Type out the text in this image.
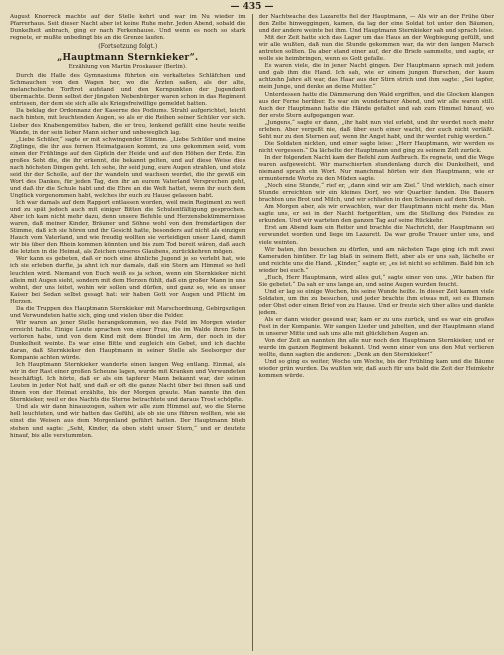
— 435 —

August Knorreck machte auf der Stelle kehrt und war im Nu wieder im Pfarrerhaus. Seit dieser Nacht aber ist keine Ruhe mehr. Jeden Abend, sobald die Dunkelheit anbrach, ging er nach Ferkenhause. Und wenn es noch so stark regnete, er mußte unbedingt bis an die Grenze laufen.

(Fortsetzung folgt.)
„Hauptmann Sternkieker“.
Erzählung von Martin Proskauer (Berlin).

Durch die Halle des Gymnasiums führten ein verkaltetes Schläfchen und Schmauchen von den Wagen her, wo die Ärzten saßen, als der alte, melancholische Torftrot aufstand und den Kernpunkten der Jugendzeit übermachte. Denn selbst der jüngsten Nebenbürger waren schon in das Regiment entrissen, der dem sie sich alle als Kriegsfreiwillige gemeldet hatten.

Da beklag der Ordonnanz der Kaserne des Podiums. Strahl aufgerichtet, leicht nach hinten, mit leuchtenden Augen, so als er die Reihen seiner Schüler vor sich. Lieber des Knabengemütes haben, die er treu, lenkend gefällt eine heute weiße Wande, in der sein lieber Mann sicher und unbeweglich lag.

„Liebe Schüler,“ sagte er mit schwingender Stimme. „Liebe Schüler und meine Zöglinge, die ihr aus fernen Heimatgauen kommt, zu uns gekommen seid, vom einen der Frühlinge auf den Gipfeln der Heide und auf den Höhen der Erde. Ein großes Seht die, die ihr erkennt, die bekannt gelten, und auf diese Weise dies nach höchsten Dingen geht. Ich sehe, ihr seid jung, eure Augen strahlen, und stolz seid ihr der Scholle, auf der ihr wandeln und wachsen werdet, die ihr gewiß ein Wort des Dankes, für jeden Tag, den ihr an eurem Vaterland Versprechen geht, und daß ihr die Schule habt und die Ehre an die Welt hattet, wenn ihr euch dem Unglück vorgenommen habt, welches ihr euch zu Hause gelassen habt.

Ich war damals auf dem Rapport entlassen worden, weil mein Regiment zu weit und zu spät jedoch auch mit einiger Bitten die Schulentfältigung gesprochen. Aber ich kam nicht mehr dazu, denn unsere Befehle und Herzensbekümmernisse waren, daß meiner Kinder, Bräuner und Söhne wohl von den fremdartigen der Stimme, daß ich sie hören und ihr Gesicht hatte, besonders auf nicht als einzigen Hauch vom Vaterland, und wie freudig wollten sie verteidigen unser Land, damit wir bis über den Rhein kommen könnten und bis zum Tod bereit wären, daß auch die letzten in die Heimat, als Zeichen unseres Glaubens, zurückkehren mögen.

Wer kann es gebeten, daß er noch eine ähnliche Jugend je so verlebt hat, wie ich sie erleben durfte, ja ahnt ich nur damals, daß ein Stern am Himmel so hell leuchten wird. Niemand von Euch weiß es ja schon, wenn ein Sternkieker nicht allein mit Augen sieht, sondern mit dem Herzen fühlt, daß ein großer Mann in uns wohnt, der uns leitet, wohin wir sollen und dürfen, und ganz so, wie es unser Kaiser bei Sedan selbst gesagt hat: wir haben Gott vor Augen und Pflicht im Herzen.

Da die Truppen des Hauptmann Sternkieker mit Marschordnung, Gebirgszügen und Verwundeten hatte sich, ging und vielen über die Felder.

Wir waren an jener Stelle herangekommen, wo das Feld im Morgen wieder erreicht hatte. Einige Leute sprachen von einer Frau, die im Walde ihren Sohn verloren habe, und von dem Kind mit dem Bündel im Arm, der noch in der Dunkelheit weinte. Es war eine Bitte und zugleich ein Gebet, und ich dachte daran, daß Sternkieker den Hauptmann in seiner Stelle als Seelsorger der Kompanie achten würde.

Ich Hauptmann Sternkieker wanderte einen langen Weg entlang. Einmal, als wir in der Rast einer großen Scheune lagen, wurde mit Kranken und Verwundeten beschäftigt. Ich hörte, daß er als ein tapferer Mann bekannt war, der seinen Leuten in jeder Not half, und daß er oft die ganze Nacht über bei ihnen saß und ihnen von der Heimat erzählte, bis der Morgen graute. Man nannte ihn den Sternkieker, weil er des Nachts die Sterne betrachtete und daraus Trost schöpfte.

Und als wir dann hinauszogen, sahen wir alle zum Himmel auf, wo die Sterne hell leuchteten, und wir hatten das Gefühl, als ob sie uns führen wollten, wie sie einst die Weisen aus dem Morgenland geführt hatten. Der Hauptmann blieb stehen und sagte: „Seht, Kinder, da oben steht unser Stern,“ und er deutete hinauf, bis alle verstummten.

der Nachtwache des Lazaretts fiel der Hauptmann, — Als wir an der Frühe über den Zelte hinweggingen, kamen, da lag der eine Soldat tot unter den Bäumen, und der andere weinte bei ihm. Und Hauptmann Sternkieker sah und sprach leise.

Mit der Zeit hatte sich das Lager um das Haus an der Wegbiegung gefüllt, und wir alle wußten, daß nun die Stunde gekommen war, da wir den langen Marsch antreten sollten. Da aber stand einer auf, der die Briefe sammelte, und sagte, er wolle sie heimbringen, wenn es Gott gefalle.

Es waren viele, die in jener Nacht gingen. Der Hauptmann sprach mit jedem und gab ihm die Hand. Ich sah, wie er einem jungen Burschen, der kaum achtzehn Jahre alt war, das Haar aus der Stirn strich und ihm sagte: „Sei tapfer, mein Junge, und denke an deine Mutter.“

Unterdessen hatte die Dämmerung den Wald ergriffen, und die Glocken klangen aus der Ferne herüber. Es war ein wunderbarer Abend, und wir alle waren still. Auch der Hauptmann hatte die Hände gefaltet und sah zum Himmel hinauf, wo der erste Stern aufgegangen war.

„Jungens,“ sagte er dann, „ihr habt nun viel erlebt, und ihr werdet noch mehr erleben. Aber vergeßt nie, daß über euch einer wacht, der euch nicht verläßt. Seht nur zu den Sternen auf, wenn ihr Angst habt, und ihr werdet ruhig werden.“

Die Soldaten nickten, und einer sagte leise: „Herr Hauptmann, wir werden es nicht vergessen.“ Da lächelte der Hauptmann und ging zu seinem Zelt zurück.

In der folgenden Nacht kam der Befehl zum Aufbruch. Es regnete, und die Wege waren aufgeweicht. Wir marschierten stundenlang durch die Dunkelheit, und niemand sprach ein Wort. Nur manchmal hörten wir den Hauptmann, wie er ermunternde Worte zu den Müden sagte.

„Noch eine Stunde,“ rief er, „dann sind wir am Ziel.“ Und wirklich, nach einer Stunde erreichten wir ein kleines Dorf, wo wir Quartier fanden. Die Bauern brachten uns Brot und Milch, und wir schliefen in den Scheunen auf dem Stroh.

Am Morgen aber, als wir erwachten, war der Hauptmann nicht mehr da. Man sagte uns, er sei in der Nacht fortgeritten, um die Stellung des Feindes zu erkunden. Und wir warteten den ganzen Tag auf seine Rückkehr.

Erst am Abend kam ein Reiter und brachte die Nachricht, der Hauptmann sei verwundet worden und liege im Lazarett. Da war große Trauer unter uns, und viele weinten.

Wir baten, ihn besuchen zu dürfen, und am nächsten Tage ging ich mit zwei Kameraden hinüber. Er lag blaß in seinem Bett, aber als er uns sah, lächelte er und reichte uns die Hand. „Kinder,“ sagte er, „es ist nicht so schlimm. Bald bin ich wieder bei euch.“

„Euch, Herr Hauptmann, wird alles gut,“ sagte einer von uns. „Wir haben für Sie gebetet.“ Da sah er uns lange an, und seine Augen wurden feucht.

Und er lag so einige Wochen, bis seine Wunde heilte. In dieser Zeit kamen viele Soldaten, um ihn zu besuchen, und jeder brachte ihm etwas mit, sei es Blumen oder Obst oder einen Brief von zu Hause. Und er freute sich über alles und dankte jedem.

Als er dann wieder gesund war, kam er zu uns zurück, und es war ein großes Fest in der Kompanie. Wir sangen Lieder und jubelten, und der Hauptmann stand in unserer Mitte und sah uns alle mit glücklichen Augen an.

Von der Zeit an nannten ihn alle nur noch den Hauptmann Sternkieker, und er wurde im ganzen Regiment bekannt. Und wenn einer von uns den Mut verlieren wollte, dann sagten die anderen: „Denk an den Sternkieker!“

Und so ging es weiter, Woche um Woche, bis der Frühling kam und die Bäume wieder grün wurden. Da wußten wir, daß auch für uns bald die Zeit der Heimkehr kommen würde.
